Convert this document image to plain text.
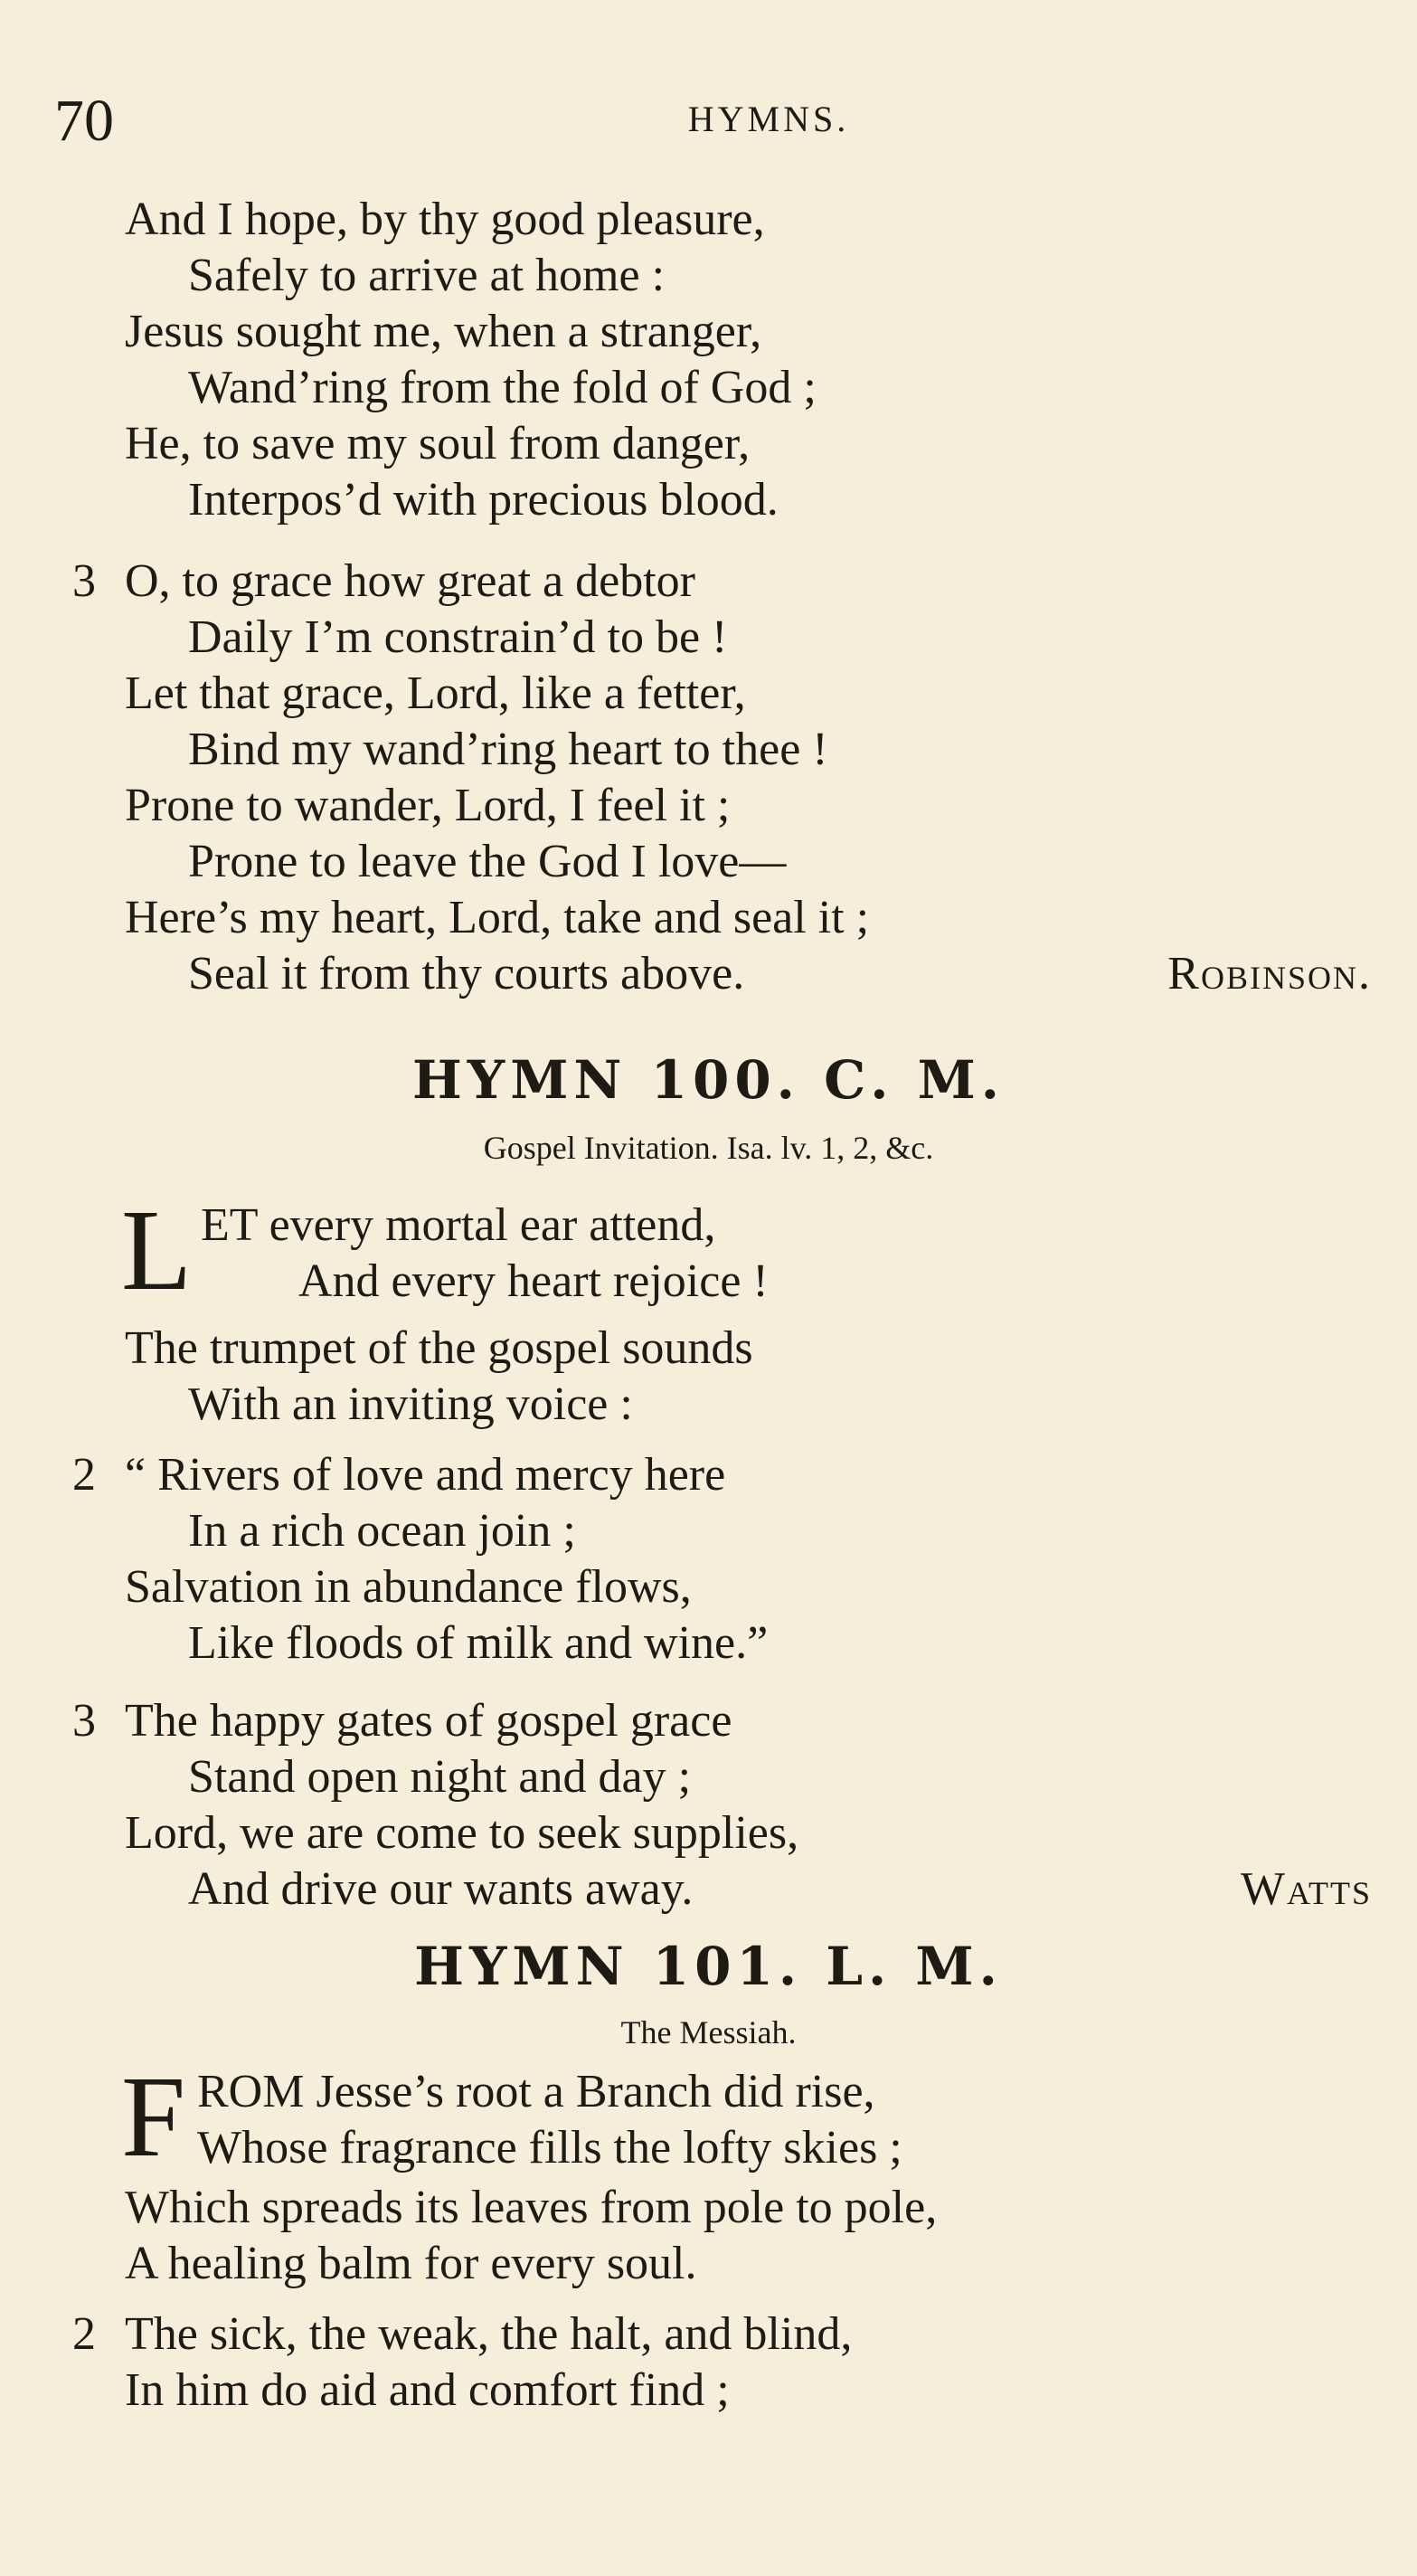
70	HYMNS.
And I hope, by thy good pleasure,
Safely to arrive at home :
Jesus sought me, when a stranger,
Wand’ring from the fold of God ;
He, to save my soul from danger,
Interpos’d with precious blood.
3 O, to grace how great a debtor
Daily I’m constrain’d to be !
Let that grace, Lord, like a fetter,
Bind my wand’ring heart to thee !
Prone to wander, Lord, I feel it ;
Prone to leave the God I love—
Here’s my heart, Lord, take and seal it ;
Seal it from thy courts above.	Robinson.
HYMN 100. C. M.
Gospel Invitation. Isa. lv. 1, 2, &c.
L ET every mortal ear attend,
And every heart rejoice !
The trumpet of the gospel sounds
With an inviting voice :
2 “ Rivers of love and mercy here
In a rich ocean join ;
Salvation in abundance flows,
Like floods of milk and wine.”
3 The happy gates of gospel grace
Stand open night and day ;
Lord, we are come to seek supplies,
And drive our wants away.	Watts
HYMN 101. L. M.
The Messiah.
F ROM Jesse’s root a Branch did rise,
Whose fragrance fills the lofty skies ;
Which spreads its leaves from pole to pole,
A healing balm for every soul.
2 The sick, the weak, the halt, and blind,
In him do aid and comfort find ;
